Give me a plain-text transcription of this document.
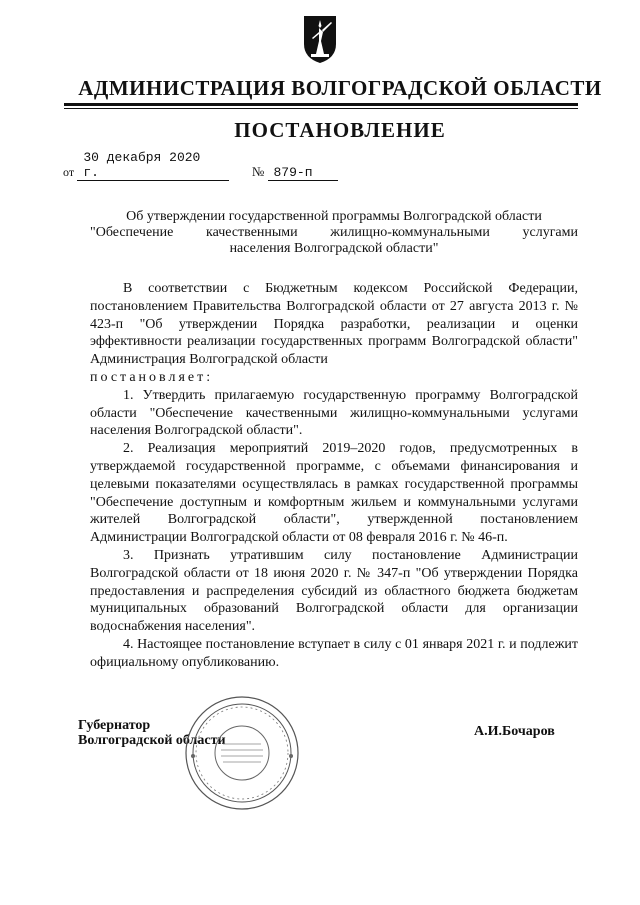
АДМИНИСТРАЦИЯ ВОЛГОГРАДСКОЙ ОБЛАСТИ
ПОСТАНОВЛЕНИЕ
от 30 декабря 2020 г.	№ 879-п
Об утверждении государственной программы Волгоградской области
"Обеспечение качественными жилищно-коммунальными услугами
населения Волгоградской области"

В соответствии с Бюджетным кодексом Российской Федерации, постановлением Правительства Волгоградской области от 27 августа 2013 г. № 423-п "Об утверждении Порядка разработки, реализации и оценки эффективности реализации государственных программ Волгоградской области" Администрация Волгоградской области
постановляет:

1. Утвердить прилагаемую государственную программу Волгоградской области "Обеспечение качественными жилищно-коммунальными услугами населения Волгоградской области".

2. Реализация мероприятий 2019–2020 годов, предусмотренных в утверждаемой государственной программе, с объемами финансирования и целевыми показателями осуществлялась в рамках государственной программы "Обеспечение доступным и комфортным жильем и коммунальными услугами жителей Волгоградской области", утвержденной постановлением Администрации Волгоградской области от 08 февраля 2016 г. № 46-п.

3. Признать утратившим силу постановление Администрации Волгоградской области от 18 июня 2020 г. № 347-п "Об утверждении Порядка предоставления и распределения субсидий из областного бюджета бюджетам муниципальных образований Волгоградской области для организации водоснабжения населения".

4. Настоящее постановление вступает в силу с 01 января 2021 г. и подлежит официальному опубликованию.

Губернатор
Волгоградской области
А.И.Бочаров
